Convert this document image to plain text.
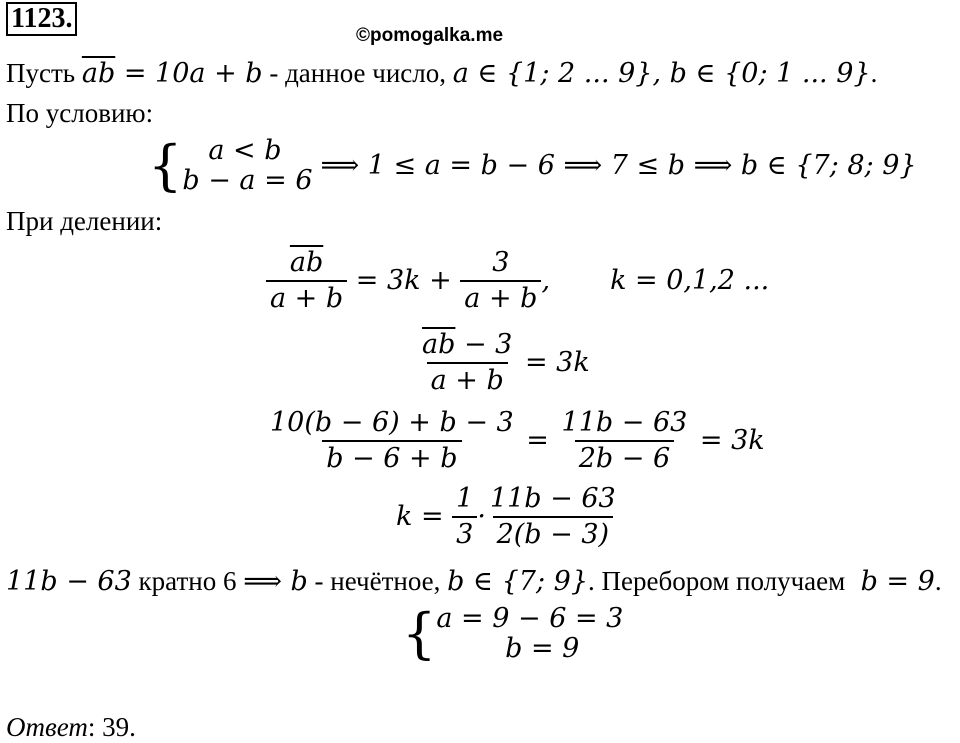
1123.
©pomogalka.me
Пусть $\overline{ab} = 10a + b$ - данное число, a ∈ {1; 2 ... 9}, b ∈ {0; 1 ... 9}.
По условию:
{ a < b
b − a = 6 ⟹ 1 ≤ a = b − 6 ⟹ 7 ≤ b ⟹ b ∈ {7; 8; 9}
При делении:
$\frac{\overline{ab}}{a + b} = 3k + \frac{3}{a + b}$ ,	k = 0,1,2 ...
$\frac{\overline{ab} - 3}{a + b} = 3k$
$\frac{10(b - 6) + b - 3}{b - 6 + b} = \frac{11b - 63}{2b - 6} = 3k$
$k = \frac{1}{3} \cdot \frac{11b - 63}{2(b - 3)}$
11b − 63 кратно 6 ⟹ b - нечётное, b ∈ {7; 9}. Перебором получаем  b = 9.
{ a = 9 − 6 = 3
b = 9
Ответ: 39.
